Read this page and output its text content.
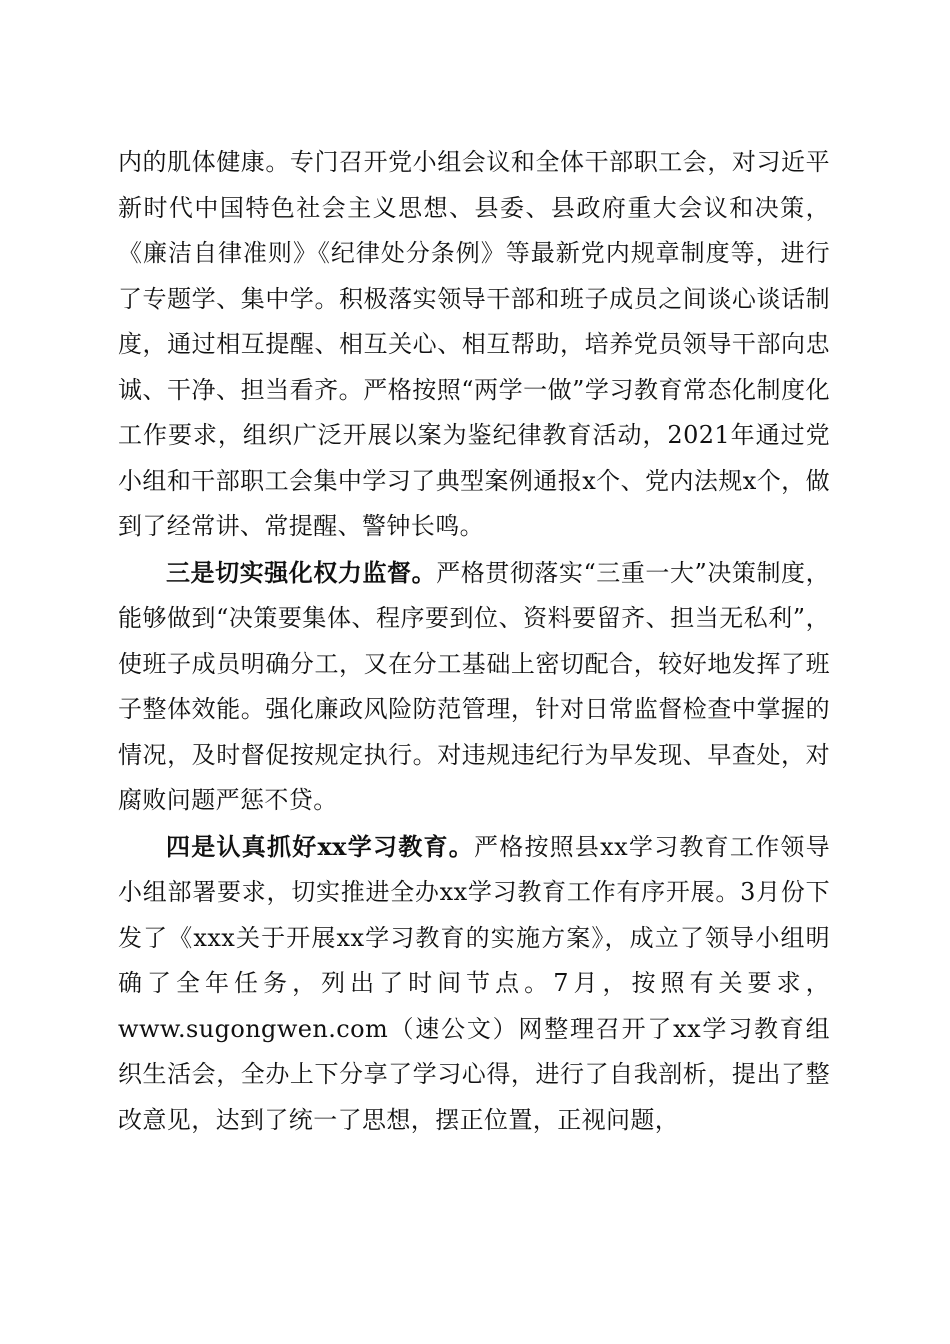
内的肌体健康。专门召开党小组会议和全体干部职工会，对习近平新时代中国特色社会主义思想、县委、县政府重大会议和决策，《廉洁自律准则》《纪律处分条例》等最新党内规章制度等，进行了专题学、集中学。积极落实领导干部和班子成员之间谈心谈话制度，通过相互提醒、相互关心、相互帮助，培养党员领导干部向忠诚、干净、担当看齐。严格按照“两学一做”学习教育常态化制度化工作要求，组织广泛开展以案为鉴纪律教育活动，2021年通过党小组和干部职工会集中学习了典型案例通报x个、党内法规x个，做到了经常讲、常提醒、警钟长鸣。

三是切实强化权力监督。严格贯彻落实“三重一大”决策制度，能够做到“决策要集体、程序要到位、资料要留齐、担当无私利”，使班子成员明确分工，又在分工基础上密切配合，较好地发挥了班子整体效能。强化廉政风险防范管理，针对日常监督检查中掌握的情况，及时督促按规定执行。对违规违纪行为早发现、早查处，对腐败问题严惩不贷。

四是认真抓好xx学习教育。严格按照县xx学习教育工作领导小组部署要求，切实推进全办xx学习教育工作有序开展。3月份下发了《xxx关于开展xx学习教育的实施方案》，成立了领导小组明确了全年任务，列出了时间节点。7月，按照有关要求，www.sugongwen.com（速公文）网整理召开了xx学习教育组织生活会，全办上下分享了学习心得，进行了自我剖析，提出了整改意见，达到了统一了思想，摆正位置，正视问题，
